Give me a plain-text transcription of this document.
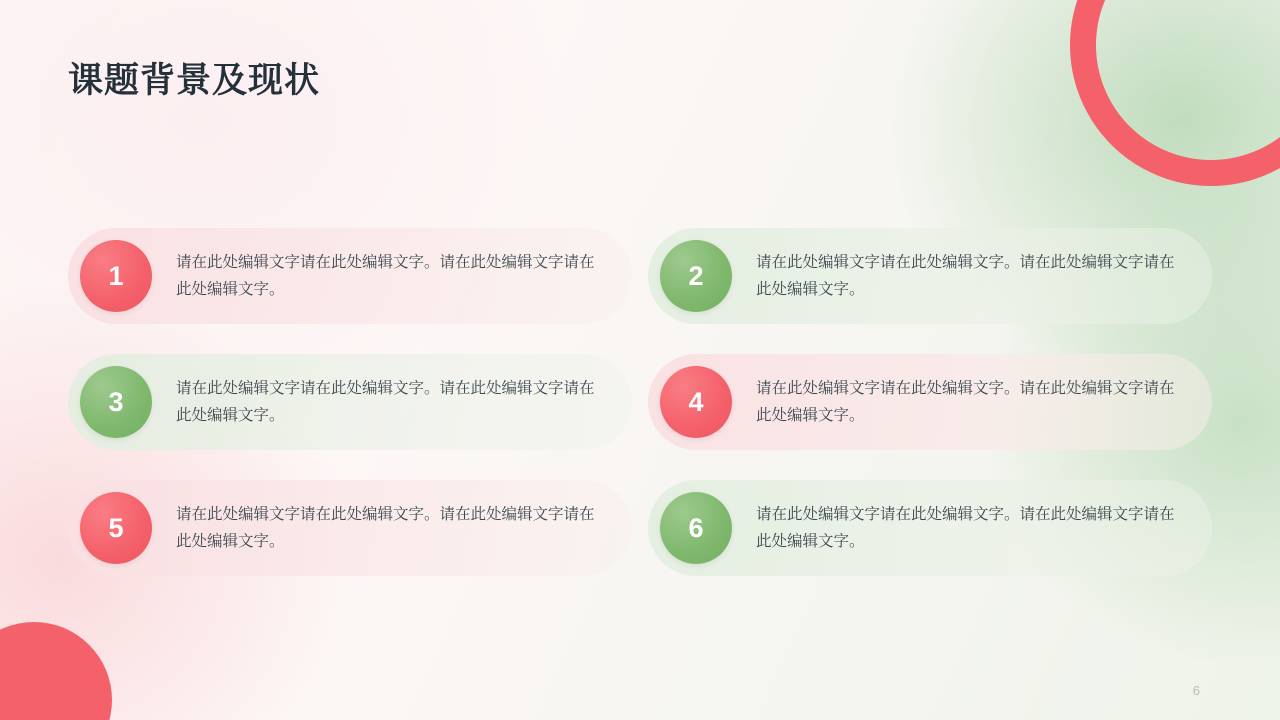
课题背景及现状
1	请在此处编辑文字请在此处编辑文字。请在此处编辑文字请在此处编辑文字。	2	请在此处编辑文字请在此处编辑文字。请在此处编辑文字请在此处编辑文字。
3	请在此处编辑文字请在此处编辑文字。请在此处编辑文字请在此处编辑文字。	4	请在此处编辑文字请在此处编辑文字。请在此处编辑文字请在此处编辑文字。
5	请在此处编辑文字请在此处编辑文字。请在此处编辑文字请在此处编辑文字。	6	请在此处编辑文字请在此处编辑文字。请在此处编辑文字请在此处编辑文字。
6
